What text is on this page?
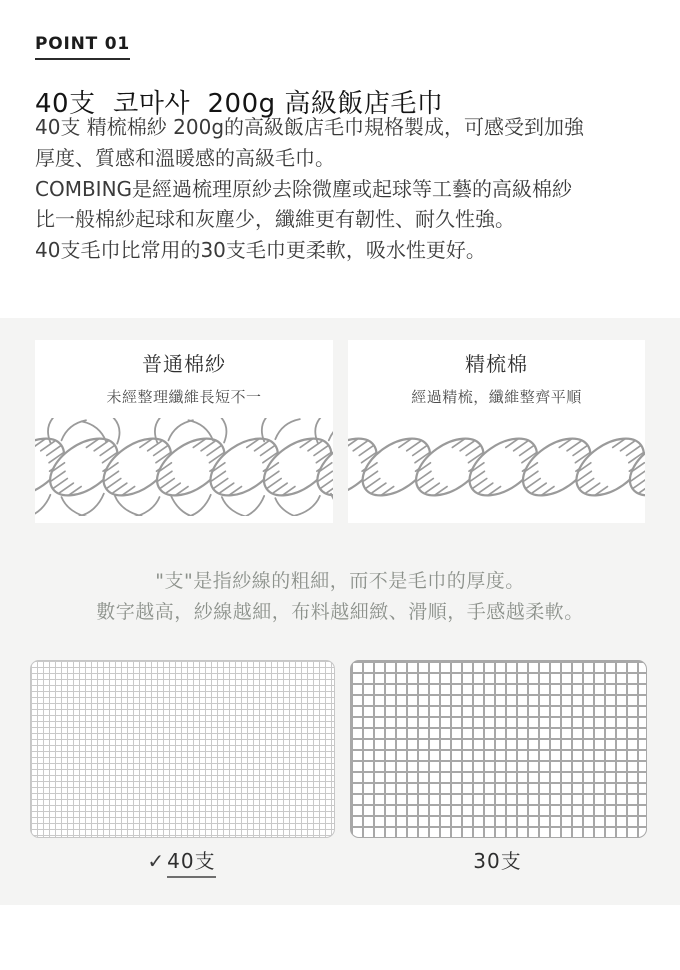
POINT 01
40支  코마사  200g 高級飯店毛巾
40支 精梳棉紗 200g的高級飯店毛巾規格製成，可感受到加強
厚度、質感和溫暖感的高級毛巾。
COMBING是經過梳理原紗去除微塵或起球等工藝的高級棉紗
比一般棉紗起球和灰塵少，纖維更有韌性、耐久性強。
40支毛巾比常用的30支毛巾更柔軟，吸水性更好。
普通棉紗
未經整理纖維長短不一
精梳棉
經過精梳，纖維整齊平順
"支"是指紗線的粗細，而不是毛巾的厚度。
數字越高，紗線越細，布料越細緻、滑順，手感越柔軟。
✓ 40支	30支
